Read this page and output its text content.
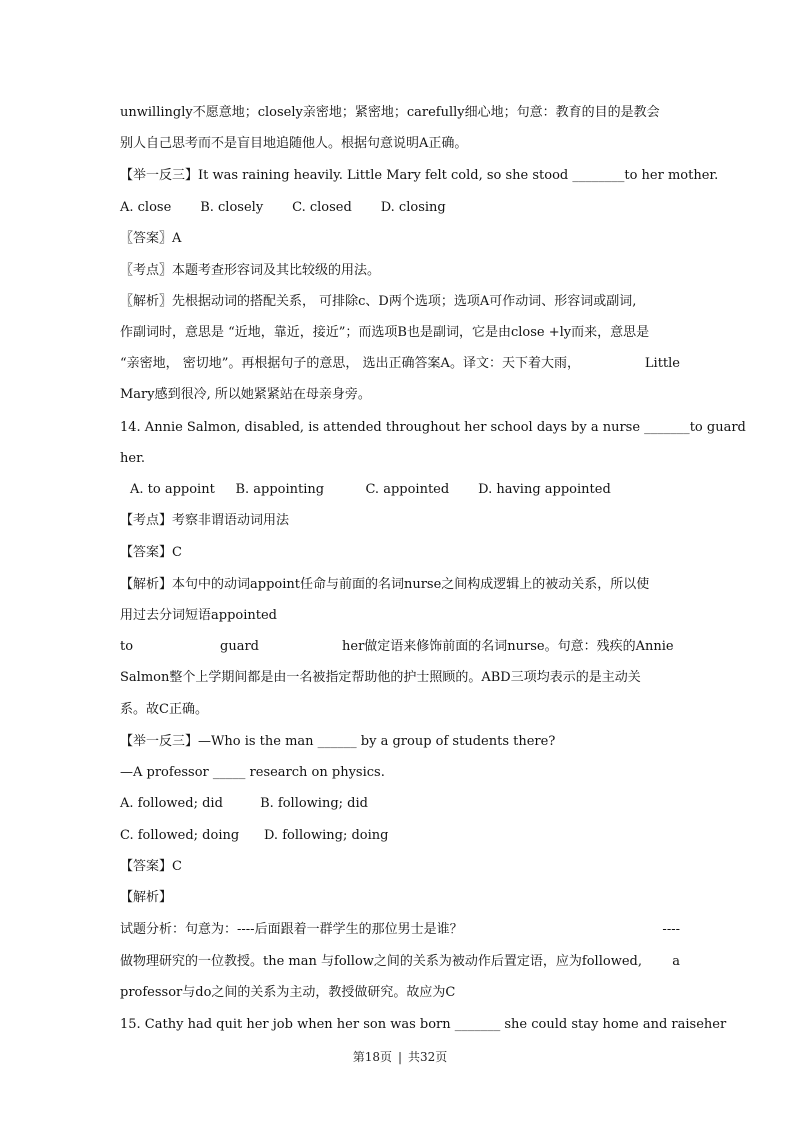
unwillingly不愿意地；closely亲密地；紧密地；carefully细心地；句意：教育的目的是教会
别人自己思考而不是盲目地追随他人。根据句意说明A正确。
【举一反三】It was raining heavily. Little Mary felt cold, so she stood ________to her mother.
A. close       B. closely       C. closed       D. closing
〖答案〗A
〖考点〗本题考查形容词及其比较级的用法。
〖解析〗先根据动词的搭配关系， 可排除c、D两个选项；选项A可作动词、形容词或副词,
作副词时，意思是 “近地，靠近，接近”；而选项B也是副词，它是由close +ly而来，意思是
“亲密地， 密切地”。再根据句子的意思， 选出正确答案A。译文：天下着大雨，	Little
Mary感到很冷, 所以她紧紧站在母亲身旁。
14. Annie Salmon, disabled, is attended throughout her school days by a nurse _______ to guard
her.
A. to appoint     B. appointing          C. appointed       D. having appointed
【考点】考察非谓语动词用法
【答案】C
【解析】本句中的动词appoint任命与前面的名词nurse之间构成逻辑上的被动关系，所以使
用过去分词短语appointed
to	guard	her做定语来修饰前面的名词nurse。句意：残疾的Annie
Salmon整个上学期间都是由一名被指定帮助他的护士照顾的。ABD三项均表示的是主动关
系。故C正确。
【举一反三】—Who is the man ______ by a group of students there?
—A professor _____ research on physics.
A. followed; did         B. following; did
C. followed; doing      D. following; doing
【答案】C
【解析】
试题分析：句意为：----后面跟着一群学生的那位男士是谁？	----
做物理研究的一位教授。the man 与follow之间的关系为被动作后置定语，应为followed, a
professor与do之间的关系为主动，教授做研究。故应为C
15. Cathy had quit her job when her son was born _______ she could stay home and raise her
第18页 | 共32页
